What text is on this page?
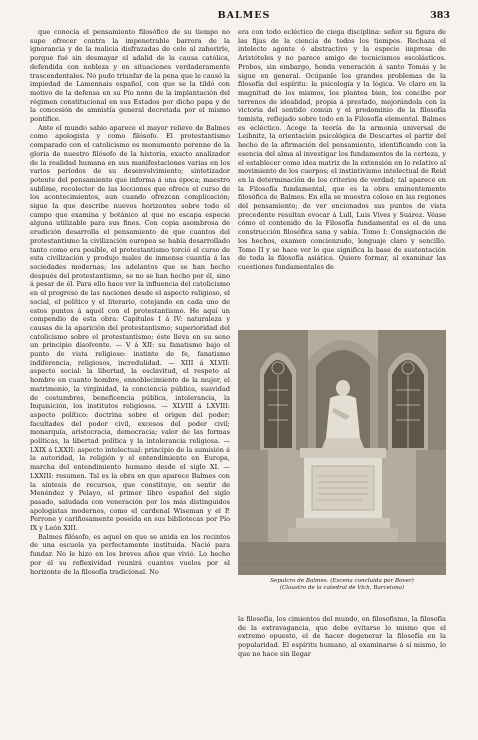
BALMES	383

que conocía el pensamiento filosófico de su tiempo no supo ofrecer contra la impenetrable barrera de la ignorancia y de la malicia disfrazadas de celo al zaherirle, porque fué sin desmayar el adalid de la causa católica, defendida con nobleza y en situaciones verdaderamente trascendentales. No pudo triunfar de la pena que le causó la impiedad de Lamennais español, con que se la tildó con motivo de la defensa en su Pío nono de la implantación del régimen constitucional en sus Estados por dicho papa y de la concesión de amnistía general decretada por el mismo pontífice.

Ante el mundo sabio aparece el mayor relieve de Balmes como apologista y como filósofo. El protestantismo comparado con el catolicismo es monumento perenne de la gloria de nuestro filósofo de la historia, exacto analizador de la realidad humana en sus manifestaciones varias en los varios períodos de su desenvolvimiento; sintetizador potente del pensamiento que informa á una época; maestro sublime, recolector de las lecciones que ofrece el curso de los acontecimientos, aun cuando ofrezcan complicación; sigue la que describe nuevos horizontes sobre todo el campo que examina y botánico al que no escapa especie alguna utilizable para sus fines. Con copia asombrosa de erudición desarrolla el pensamiento de que cuantos del protestantismo la civilización europea se había desarrollado tanto como era posible, el protestantismo torció el curso de esta civilización y produjo males de inmensa cuantía á las sociedades modernas; los adelantos que se han hecho después del protestantismo, se no se han hecho por él, sino á pesar de él. Para ello hace ver la influencia del catolicismo en el progreso de las naciones desde el aspecto religioso, el social, el político y el literario, cotejando en cada uno de estos puntos á aquél con el protestantismo. He aquí un compendio de esta obra: Capítulos I á IV: naturaleza y causas de la aparición del protestantismo; superioridad del catolicismo sobre el protestantismo; éste lleva en su seno un principio disolvente. — V á XII: su fanatismo bajo el punto de vista religioso: instinto de fe, fanatismo indiferencia, religiosos, incredulidad. — XIII á XLVII: aspecto social: la libertad, la esclavitud, el respeto al hombre en cuanto hombre, ennoblecimiento de la mujer, el matrimonio, la virginidad, la conciencia pública, suavidad de costumbres, beneficencia pública, intolerancia, la Inquisición, los institutos religiosos. — XLVIII á LXVIII: aspecto político: doctrina sobre el origen del poder; facultades del poder civil, excesos del poder civil; monarquía, aristocracia, democracia; valor de las formas políticas, la libertad política y la intolerancia religiosa. — LXIX á LXXII: aspecto intelectual: principio de la sumisión á la autoridad, la religión y el entendimiento en Europa, marcha del entendimiento humano desde el siglo XI. — LXXIII: resumen. Tal es la obra en que aparece Balmes con la síntesis de recursos, que constituye, en sentir de Menéndez y Pelayo, el primer libro español del siglo pasado, saludada con veneración por los más distinguidos apologistas modernos, como el cardenal Wiseman y el P. Perrone y cariñosamente poseída en sus bibliotecas por Pío IX y León XIII.

Balmes filósofo, es aquel en que se anida en los recintos de una escuela ya perfectamente instituida. Nació para fundar. No le hizo en los breves años que vivió. Lo hecho por él su reflexividad reunirá cuantos vuelos por el horizonte de la filosofía tradicional. No

era con todo ecléctico de ciega disciplina: señor su figura de las fijas de la ciencia de todos los tiempos. Rechaza el intelecto agente ó abstractivo y la especie impresa de Aristóteles y no parece amigo de tecnicismos escolásticos. Probos, sin embargo, honda veneración á santo Tomás y le sigue en general. Ocúpanle los grandes problemas de la filosofía del espíritu: la psicología y la lógica. Ve claro en la magnitud de los mismos, los plantea bien, los concibe por terrenos de idealidad, propia á prestado, mejorándola con la victoria del sentido común y el predominio de la filosofía tomista, reflejado sobre todo en la Filosofía elemental. Balmes es ecléctico. Acoge la teoría de la armonía universal de Leibnitz, la orientación psicológica de Descartes el partir del hecho de la afirmación del pensamiento, identificando con la esencia del alma al investigar los fundamentos de la certeza, y el establecer como idea matriz de la extensión en lo relativo al movimiento de los cuerpos; el instintivismo intelectual de Reid en la determinación de los criterios de verdad; tal aparece en la Filosofía fundamental, que es la obra eminentemente filosófica de Balmes. En ella se muestra coloso en las regiones del pensamiento; de ver encionados sus puntos de vista precedente resultan evocar á Lull, Luis Vives y Suárez. Véase cómo el contenido de la Filosofía fundamental es el de una construcción filosófica sana y sabia. Tomo I: Consignación de los hechos, examen concienzudo, lenguaje claro y sencillo. Tomo II y se hace ver lo que significa la base de sustentación de toda la filosofía asiática. Quiere formar, al examinar las cuestiones fundamentales de

Sepulcro de Balmes. (Escena concluida por Bover)
(Claustro de la catedral de Vich, Barcelona)

la filosofía, los cimientos del mundo, en filosofismo, la filosofía de la extravagancia, que debe evitarse lo mismo que el extremo opuesto, el de hacer degenerar la filosofía en la popularidad. El espíritu humano, al examinarse á sí mismo, lo que no hace sin llegar
